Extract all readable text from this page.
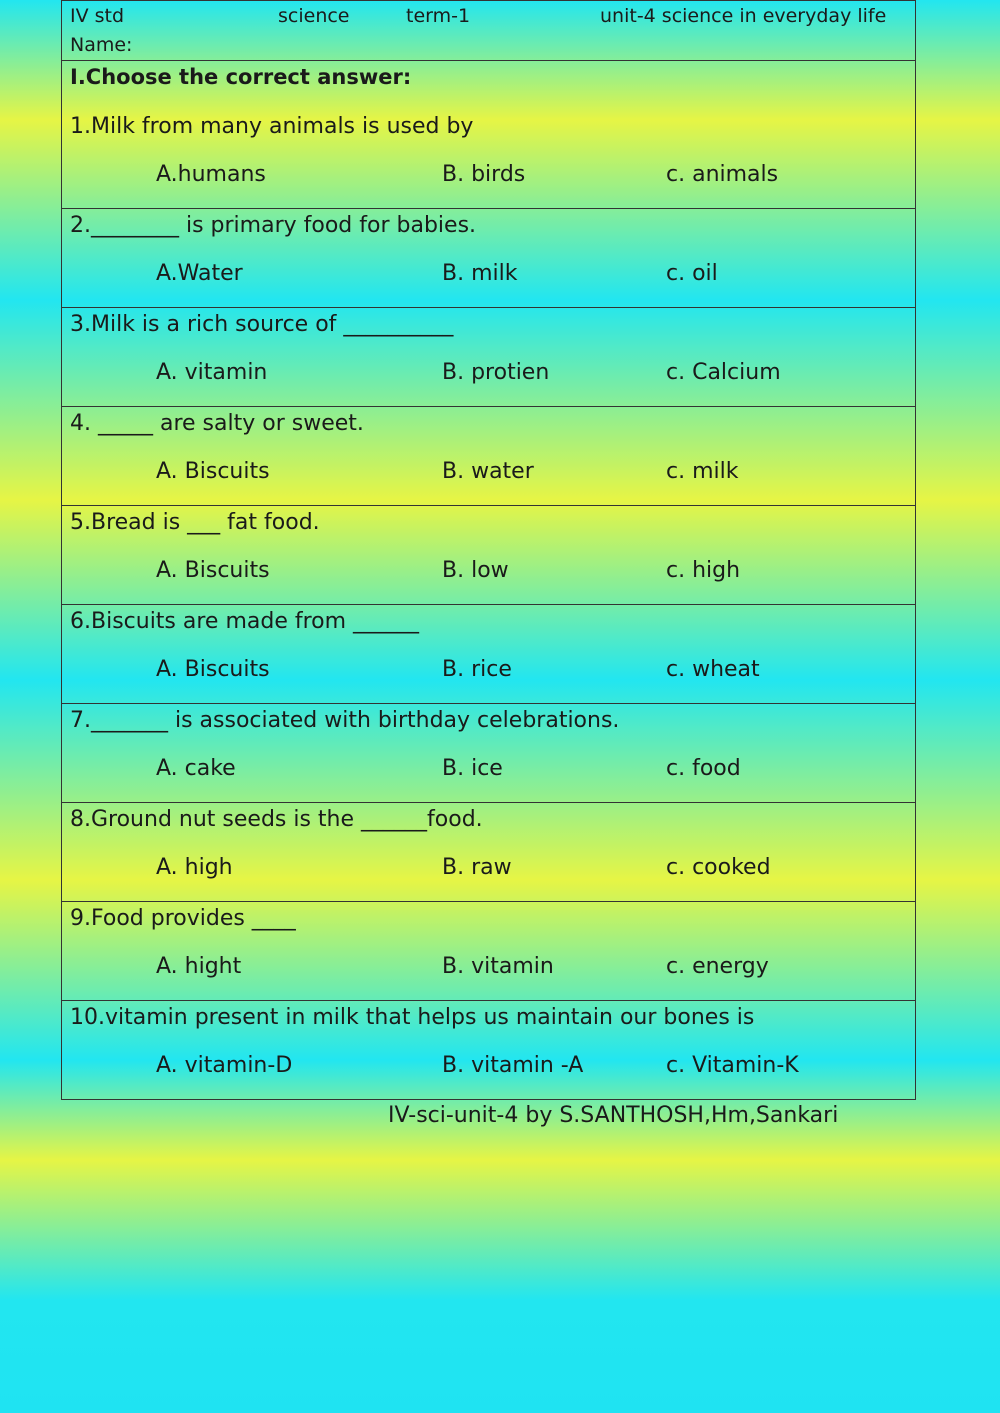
IV std	science	term-1	unit-4 science in everyday life
Name:
I.Choose the correct answer:
1.Milk from many animals is used by
A.humans	B. birds	c. animals
2.________ is primary food for babies.
A.Water	B. milk	c. oil
3.Milk is a rich source of __________
A. vitamin	B. protien	c. Calcium
4. _____ are salty or sweet.
A. Biscuits	B. water	c. milk
5.Bread is ___ fat food.
A. Biscuits	B. low	c. high
6.Biscuits are made from ______
A. Biscuits	B. rice	c. wheat
7._______ is associated with birthday celebrations.
A. cake	B. ice	c. food
8.Ground nut seeds is the ______food.
A. high	B. raw	c. cooked
9.Food provides ____
A. hight	B. vitamin	c. energy
10.vitamin present in milk that helps us maintain our bones is
A. vitamin-D	B. vitamin -A	c. Vitamin-K
IV-sci-unit-4 by S.SANTHOSH,Hm,Sankari
